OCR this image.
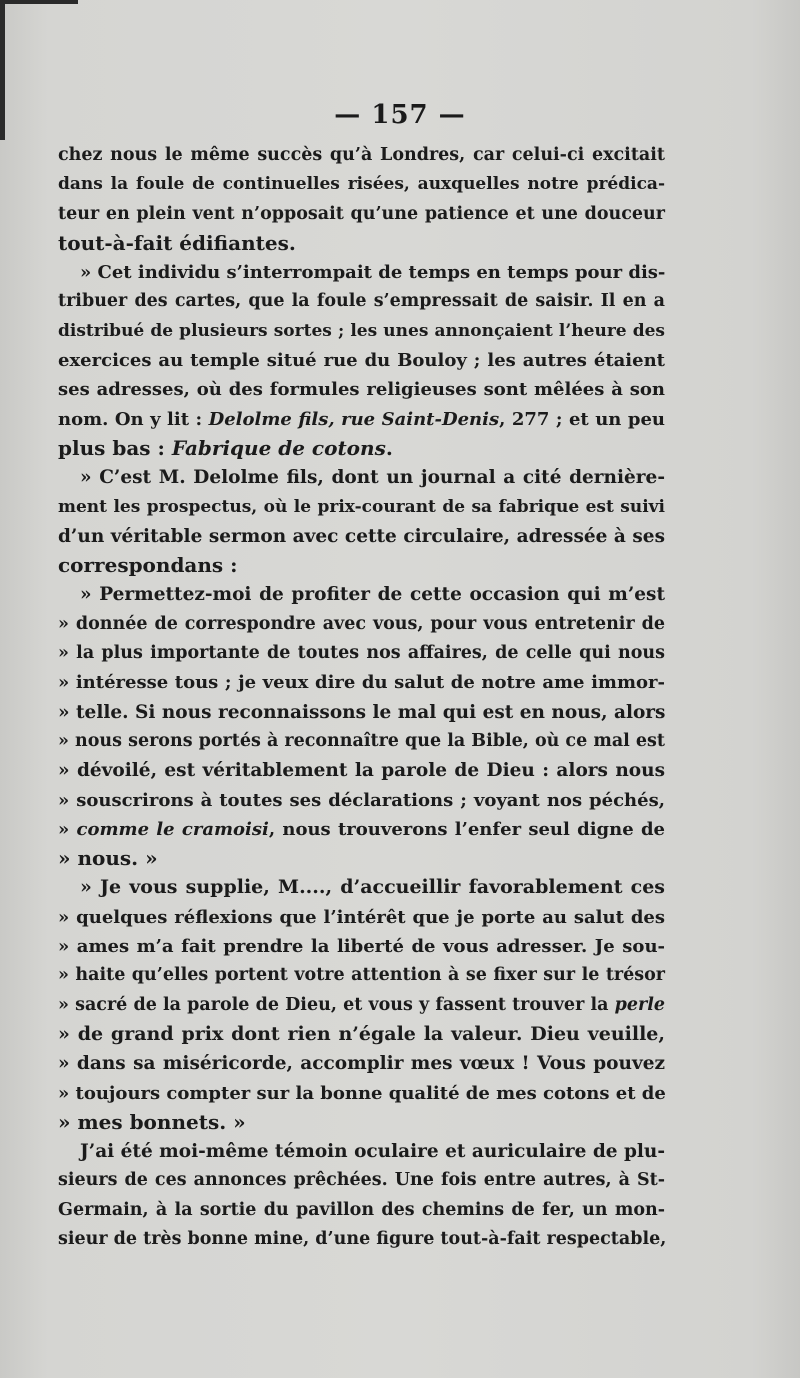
— 157 —
chez nous le même succès qu’à Londres, car celui-ci excitait
dans la foule de continuelles risées, auxquelles notre prédica-
teur en plein vent n’opposait qu’une patience et une douceur
tout-à-fait édifiantes.
» Cet individu s’interrompait de temps en temps pour dis-
tribuer des cartes, que la foule s’empressait de saisir. Il en a
distribué de plusieurs sortes ; les unes annonçaient l’heure des
exercices au temple situé rue du Bouloy ; les autres étaient
ses adresses, où des formules religieuses sont mêlées à son
nom. On y lit : Delolme fils, rue Saint-Denis, 277 ; et un peu
plus bas : Fabrique de cotons.
» C’est M. Delolme fils, dont un journal a cité dernière-
ment les prospectus, où le prix-courant de sa fabrique est suivi
d’un véritable sermon avec cette circulaire, adressée à ses
correspondans :
» Permettez-moi de profiter de cette occasion qui m’est
» donnée de correspondre avec vous, pour vous entretenir de
» la plus importante de toutes nos affaires, de celle qui nous
» intéresse tous ; je veux dire du salut de notre ame immor-
» telle. Si nous reconnaissons le mal qui est en nous, alors
» nous serons portés à reconnaître que la Bible, où ce mal est
» dévoilé, est véritablement la parole de Dieu : alors nous
» souscrirons à toutes ses déclarations ; voyant nos péchés,
» comme le cramoisi, nous trouverons l’enfer seul digne de
» nous. »
» Je vous supplie, M...., d’accueillir favorablement ces
» quelques réflexions que l’intérêt que je porte au salut des
» ames m’a fait prendre la liberté de vous adresser. Je sou-
» haite qu’elles portent votre attention à se fixer sur le trésor
» sacré de la parole de Dieu, et vous y fassent trouver la perle
» de grand prix dont rien n’égale la valeur. Dieu veuille,
» dans sa miséricorde, accomplir mes vœux ! Vous pouvez
» toujours compter sur la bonne qualité de mes cotons et de
» mes bonnets. »
J’ai été moi-même témoin oculaire et auriculaire de plu-
sieurs de ces annonces prêchées. Une fois entre autres, à St-
Germain, à la sortie du pavillon des chemins de fer, un mon-
sieur de très bonne mine, d’une figure tout-à-fait respectable,
